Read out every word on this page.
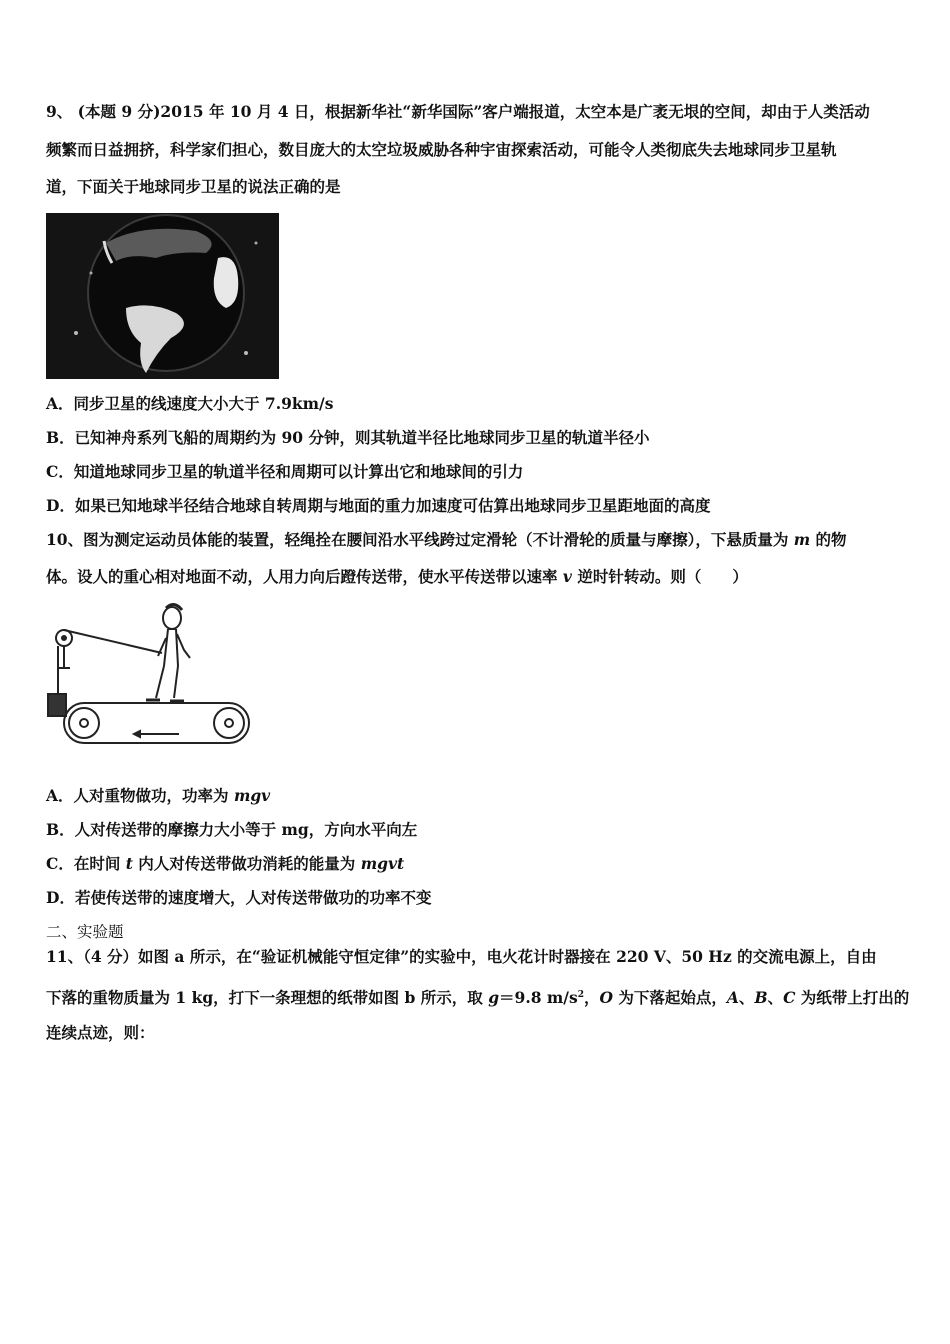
9、 (本题 9 分)2015 年 10 月 4 日，根据新华社“新华国际”客户端报道，太空本是广袤无垠的空间，却由于人类活动
频繁而日益拥挤，科学家们担心，数目庞大的太空垃圾威胁各种宇宙探索活动，可能令人类彻底失去地球同步卫星轨
道，下面关于地球同步卫星的说法正确的是
A．同步卫星的线速度大小大于 7.9km/s
B．已知神舟系列飞船的周期约为 90 分钟，则其轨道半径比地球同步卫星的轨道半径小
C．知道地球同步卫星的轨道半径和周期可以计算出它和地球间的引力
D．如果已知地球半径结合地球自转周期与地面的重力加速度可估算出地球同步卫星距地面的高度
10、图为测定运动员体能的装置，轻绳拴在腰间沿水平线跨过定滑轮（不计滑轮的质量与摩擦），下悬质量为 m 的物
体。设人的重心相对地面不动，人用力向后蹬传送带，使水平传送带以速率 v 逆时针转动。则（　　）
A．人对重物做功，功率为 mgv
B．人对传送带的摩擦力大小等于 mg，方向水平向左
C．在时间 t 内人对传送带做功消耗的能量为 mgvt
D．若使传送带的速度增大，人对传送带做功的功率不变
二、实验题
11、（4 分）如图 a 所示，在“验证机械能守恒定律”的实验中，电火花计时器接在 220 V、50 Hz 的交流电源上，自由
下落的重物质量为 1 kg，打下一条理想的纸带如图 b 所示，取 g＝9.8 $m/s^2$，O 为下落起始点，A、B、C 为纸带上打出的
连续点迹，则：
